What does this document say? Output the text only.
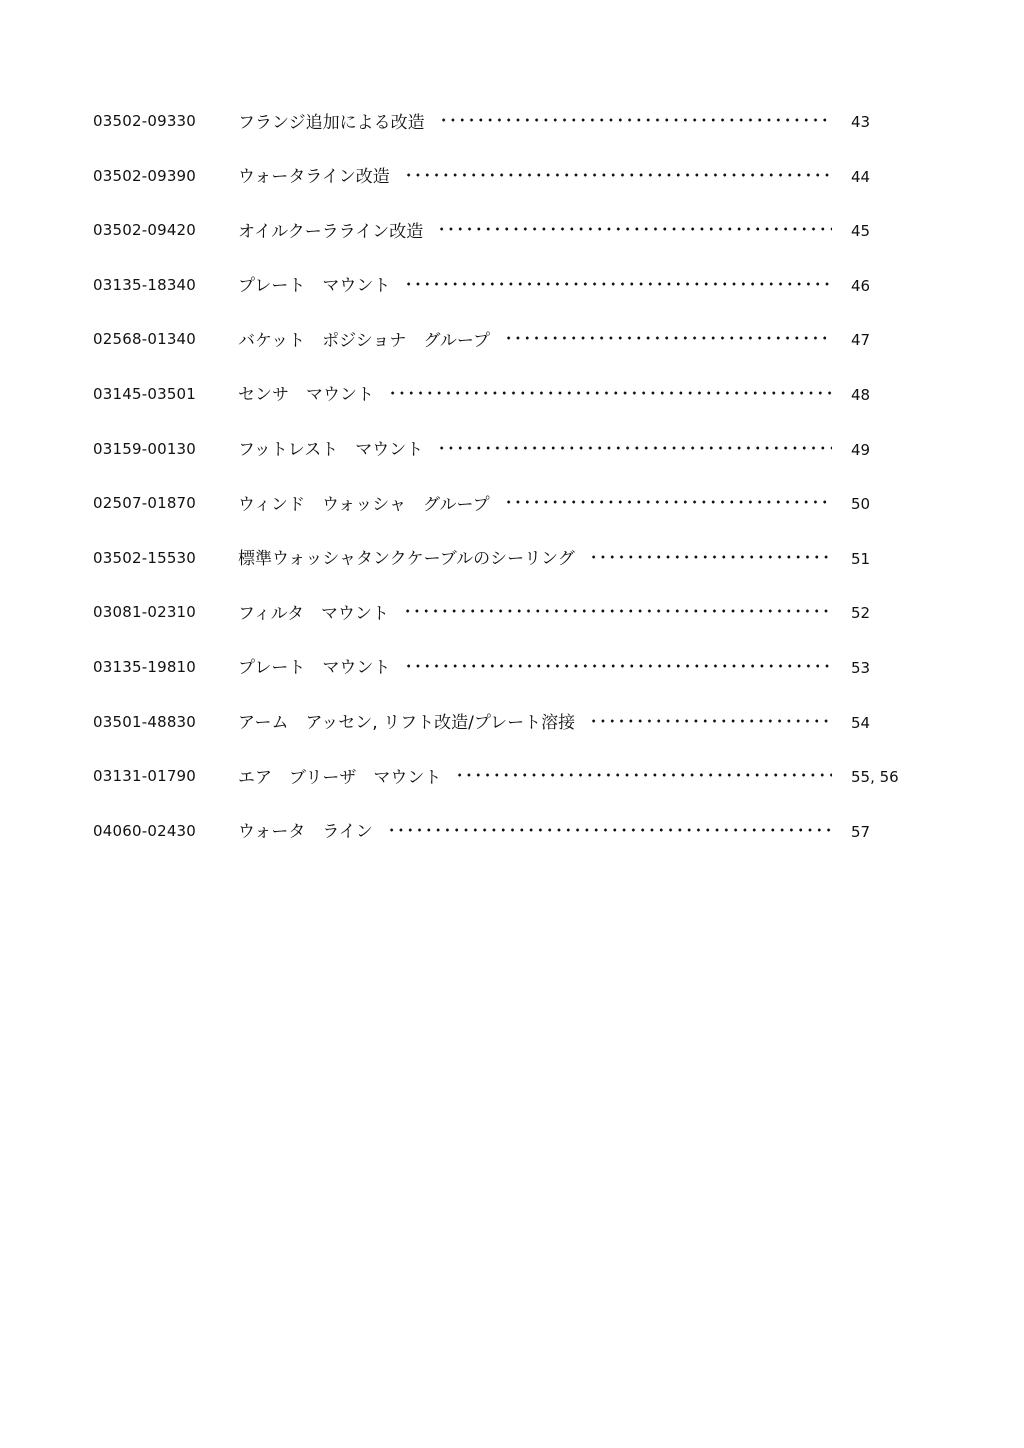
03502-09330 フランジ追加による改造	43
03502-09390 ウォータライン改造	44
03502-09420 オイルクーラライン改造	45
03135-18340 プレート　マウント	46
02568-01340 バケット　ポジショナ　グループ	47
03145-03501 センサ　マウント	48
03159-00130 フットレスト　マウント	49
02507-01870 ウィンド　ウォッシャ　グループ	50
03502-15530 標準ウォッシャタンクケーブルのシーリング	51
03081-02310 フィルタ　マウント	52
03135-19810 プレート　マウント	53
03501-48830 アーム　アッセン, リフト改造/プレート溶接	54
03131-01790 エア　ブリーザ　マウント	55, 56
04060-02430 ウォータ　ライン	57
